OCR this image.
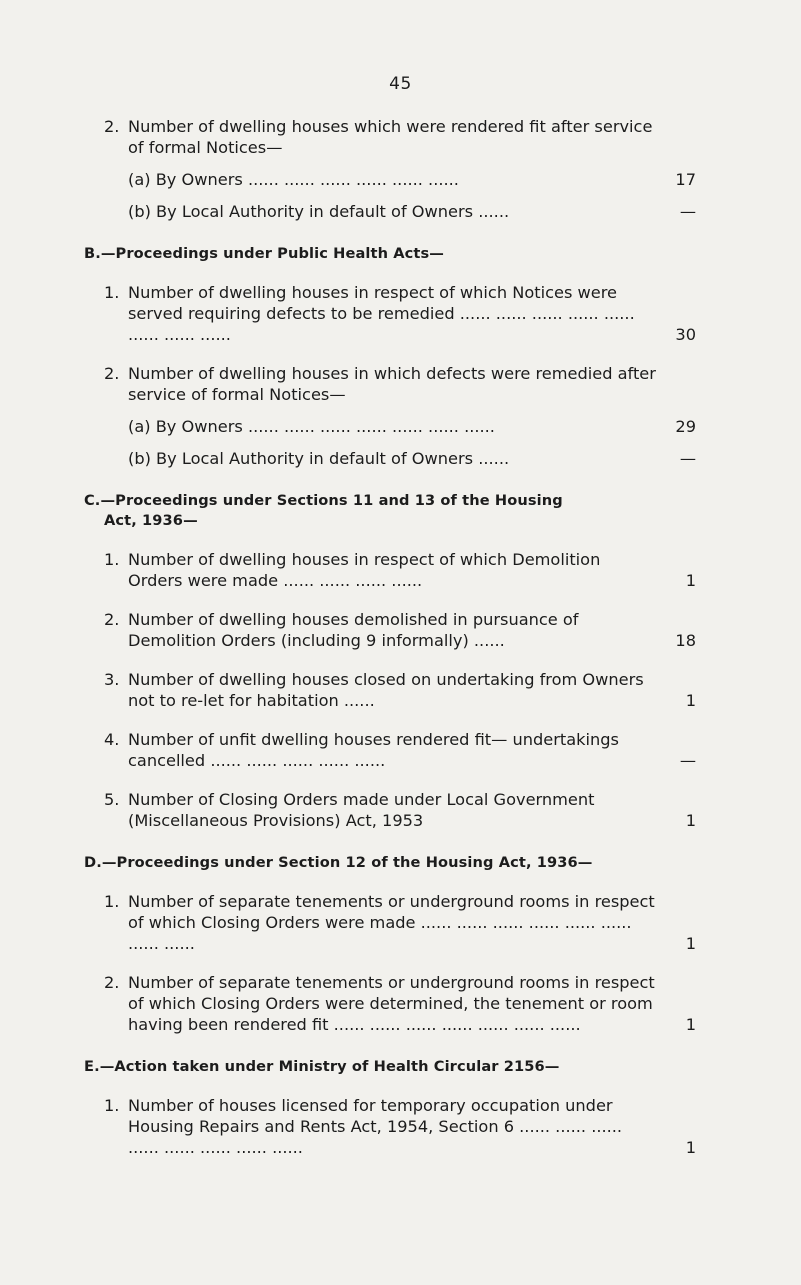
45
2. Number of dwelling houses which were rendered fit after service of formal Notices—
(a) By Owners ...... ...... ...... ...... ...... ......	17
(b) By Local Authority in default of Owners ......	—
B.—Proceedings under Public Health Acts—
1. Number of dwelling houses in respect of which Notices were served requiring defects to be remedied ...... ...... ...... ...... ...... ...... ...... ......	30
2. Number of dwelling houses in which defects were remedied after service of formal Notices—
(a) By Owners ...... ...... ...... ...... ...... ...... ......	29
(b) By Local Authority in default of Owners ......	—
C.—Proceedings under Sections 11 and 13 of the Housing
Act, 1936—
1. Number of dwelling houses in respect of which Demolition Orders were made ...... ...... ...... ......	1
2. Number of dwelling houses demolished in pursuance of Demolition Orders (including 9 informally) ......	18
3. Number of dwelling houses closed on undertaking from Owners not to re-let for habitation ......	1
4. Number of unfit dwelling houses rendered fit— undertakings cancelled ...... ...... ...... ...... ......	—
5. Number of Closing Orders made under Local Government (Miscellaneous Provisions) Act, 1953	1
D.—Proceedings under Section 12 of the Housing Act, 1936—
1. Number of separate tenements or underground rooms in respect of which Closing Orders were made ...... ...... ...... ...... ...... ...... ...... ......	1
2. Number of separate tenements or underground rooms in respect of which Closing Orders were determined, the tenement or room having been rendered fit ...... ...... ...... ...... ...... ...... ......	1
E.—Action taken under Ministry of Health Circular 2156—
1. Number of houses licensed for temporary occupation under Housing Repairs and Rents Act, 1954, Section 6 ...... ...... ...... ...... ...... ...... ...... ......	1
